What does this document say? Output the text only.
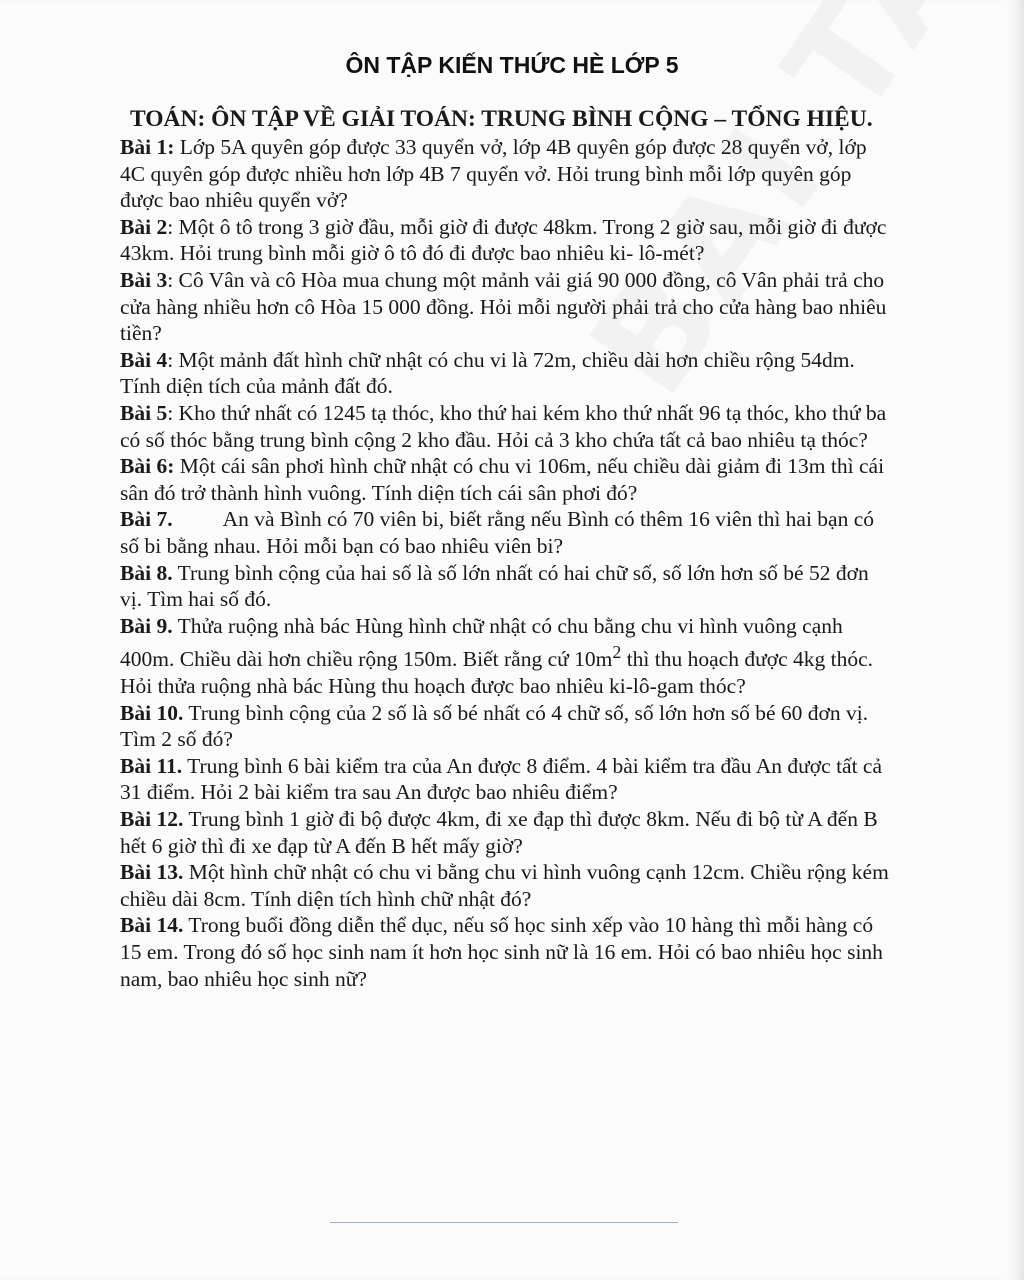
ÔN TẬP KIẾN THỨC HÈ LỚP 5

TOÁN: ÔN TẬP VỀ GIẢI TOÁN: TRUNG BÌNH CỘNG – TỔNG HIỆU.

Bài 1: Lớp 5A quyên góp được 33 quyển vở, lớp 4B quyên góp được 28 quyển vở, lớp 4C quyên góp được nhiều hơn lớp 4B 7 quyển vở. Hỏi trung bình mỗi lớp quyên góp được bao nhiêu quyển vở?

Bài 2: Một ô tô trong 3 giờ đầu, mỗi giờ đi được 48km. Trong 2 giờ sau, mỗi giờ đi được 43km. Hỏi trung bình mỗi giờ ô tô đó đi được bao nhiêu ki- lô-mét?

Bài 3: Cô Vân và cô Hòa mua chung một mảnh vải giá 90 000 đồng, cô Vân phải trả cho cửa hàng nhiều hơn cô Hòa 15 000 đồng. Hỏi mỗi người phải trả cho cửa hàng bao nhiêu tiền?

Bài 4: Một mảnh đất hình chữ nhật có chu vi là 72m, chiều dài hơn chiều rộng 54dm. Tính diện tích của mảnh đất đó.

Bài 5: Kho thứ nhất có 1245 tạ thóc, kho thứ hai kém kho thứ nhất 96 tạ thóc, kho thứ ba có số thóc bằng trung bình cộng 2 kho đầu. Hỏi cả 3 kho chứa tất cả bao nhiêu tạ thóc?

Bài 6: Một cái sân phơi hình chữ nhật có chu vi 106m, nếu chiều dài giảm đi 13m thì cái sân đó trở thành hình vuông. Tính diện tích cái sân phơi đó?

Bài 7. An và Bình có 70 viên bi, biết rằng nếu Bình có thêm 16 viên thì hai bạn có số bi bằng nhau. Hỏi mỗi bạn có bao nhiêu viên bi?

Bài 8. Trung bình cộng của hai số là số lớn nhất có hai chữ số, số lớn hơn số bé 52 đơn vị. Tìm hai số đó.

Bài 9. Thửa ruộng nhà bác Hùng hình chữ nhật có chu bằng chu vi hình vuông cạnh 400m. Chiều dài hơn chiều rộng 150m. Biết rằng cứ $10m^2$ thì thu hoạch được 4kg thóc. Hỏi thửa ruộng nhà bác Hùng thu hoạch được bao nhiêu ki-lô-gam thóc?

Bài 10. Trung bình cộng của 2 số là số bé nhất có 4 chữ số, số lớn hơn số bé 60 đơn vị. Tìm 2 số đó?

Bài 11. Trung bình 6 bài kiểm tra của An được 8 điểm. 4 bài kiểm tra đầu An được tất cả 31 điểm. Hỏi 2 bài kiểm tra sau An được bao nhiêu điểm?

Bài 12. Trung bình 1 giờ đi bộ được 4km, đi xe đạp thì được 8km. Nếu đi bộ từ A đến B hết 6 giờ thì đi xe đạp từ A đến B hết mấy giờ?

Bài 13. Một hình chữ nhật có chu vi bằng chu vi hình vuông cạnh 12cm. Chiều rộng kém chiều dài 8cm. Tính diện tích hình chữ nhật đó?

Bài 14. Trong buổi đồng diễn thể dục, nếu số học sinh xếp vào 10 hàng thì mỗi hàng có 15 em. Trong đó số học sinh nam ít hơn học sinh nữ là 16 em. Hỏi có bao nhiêu học sinh nam, bao nhiêu học sinh nữ?
